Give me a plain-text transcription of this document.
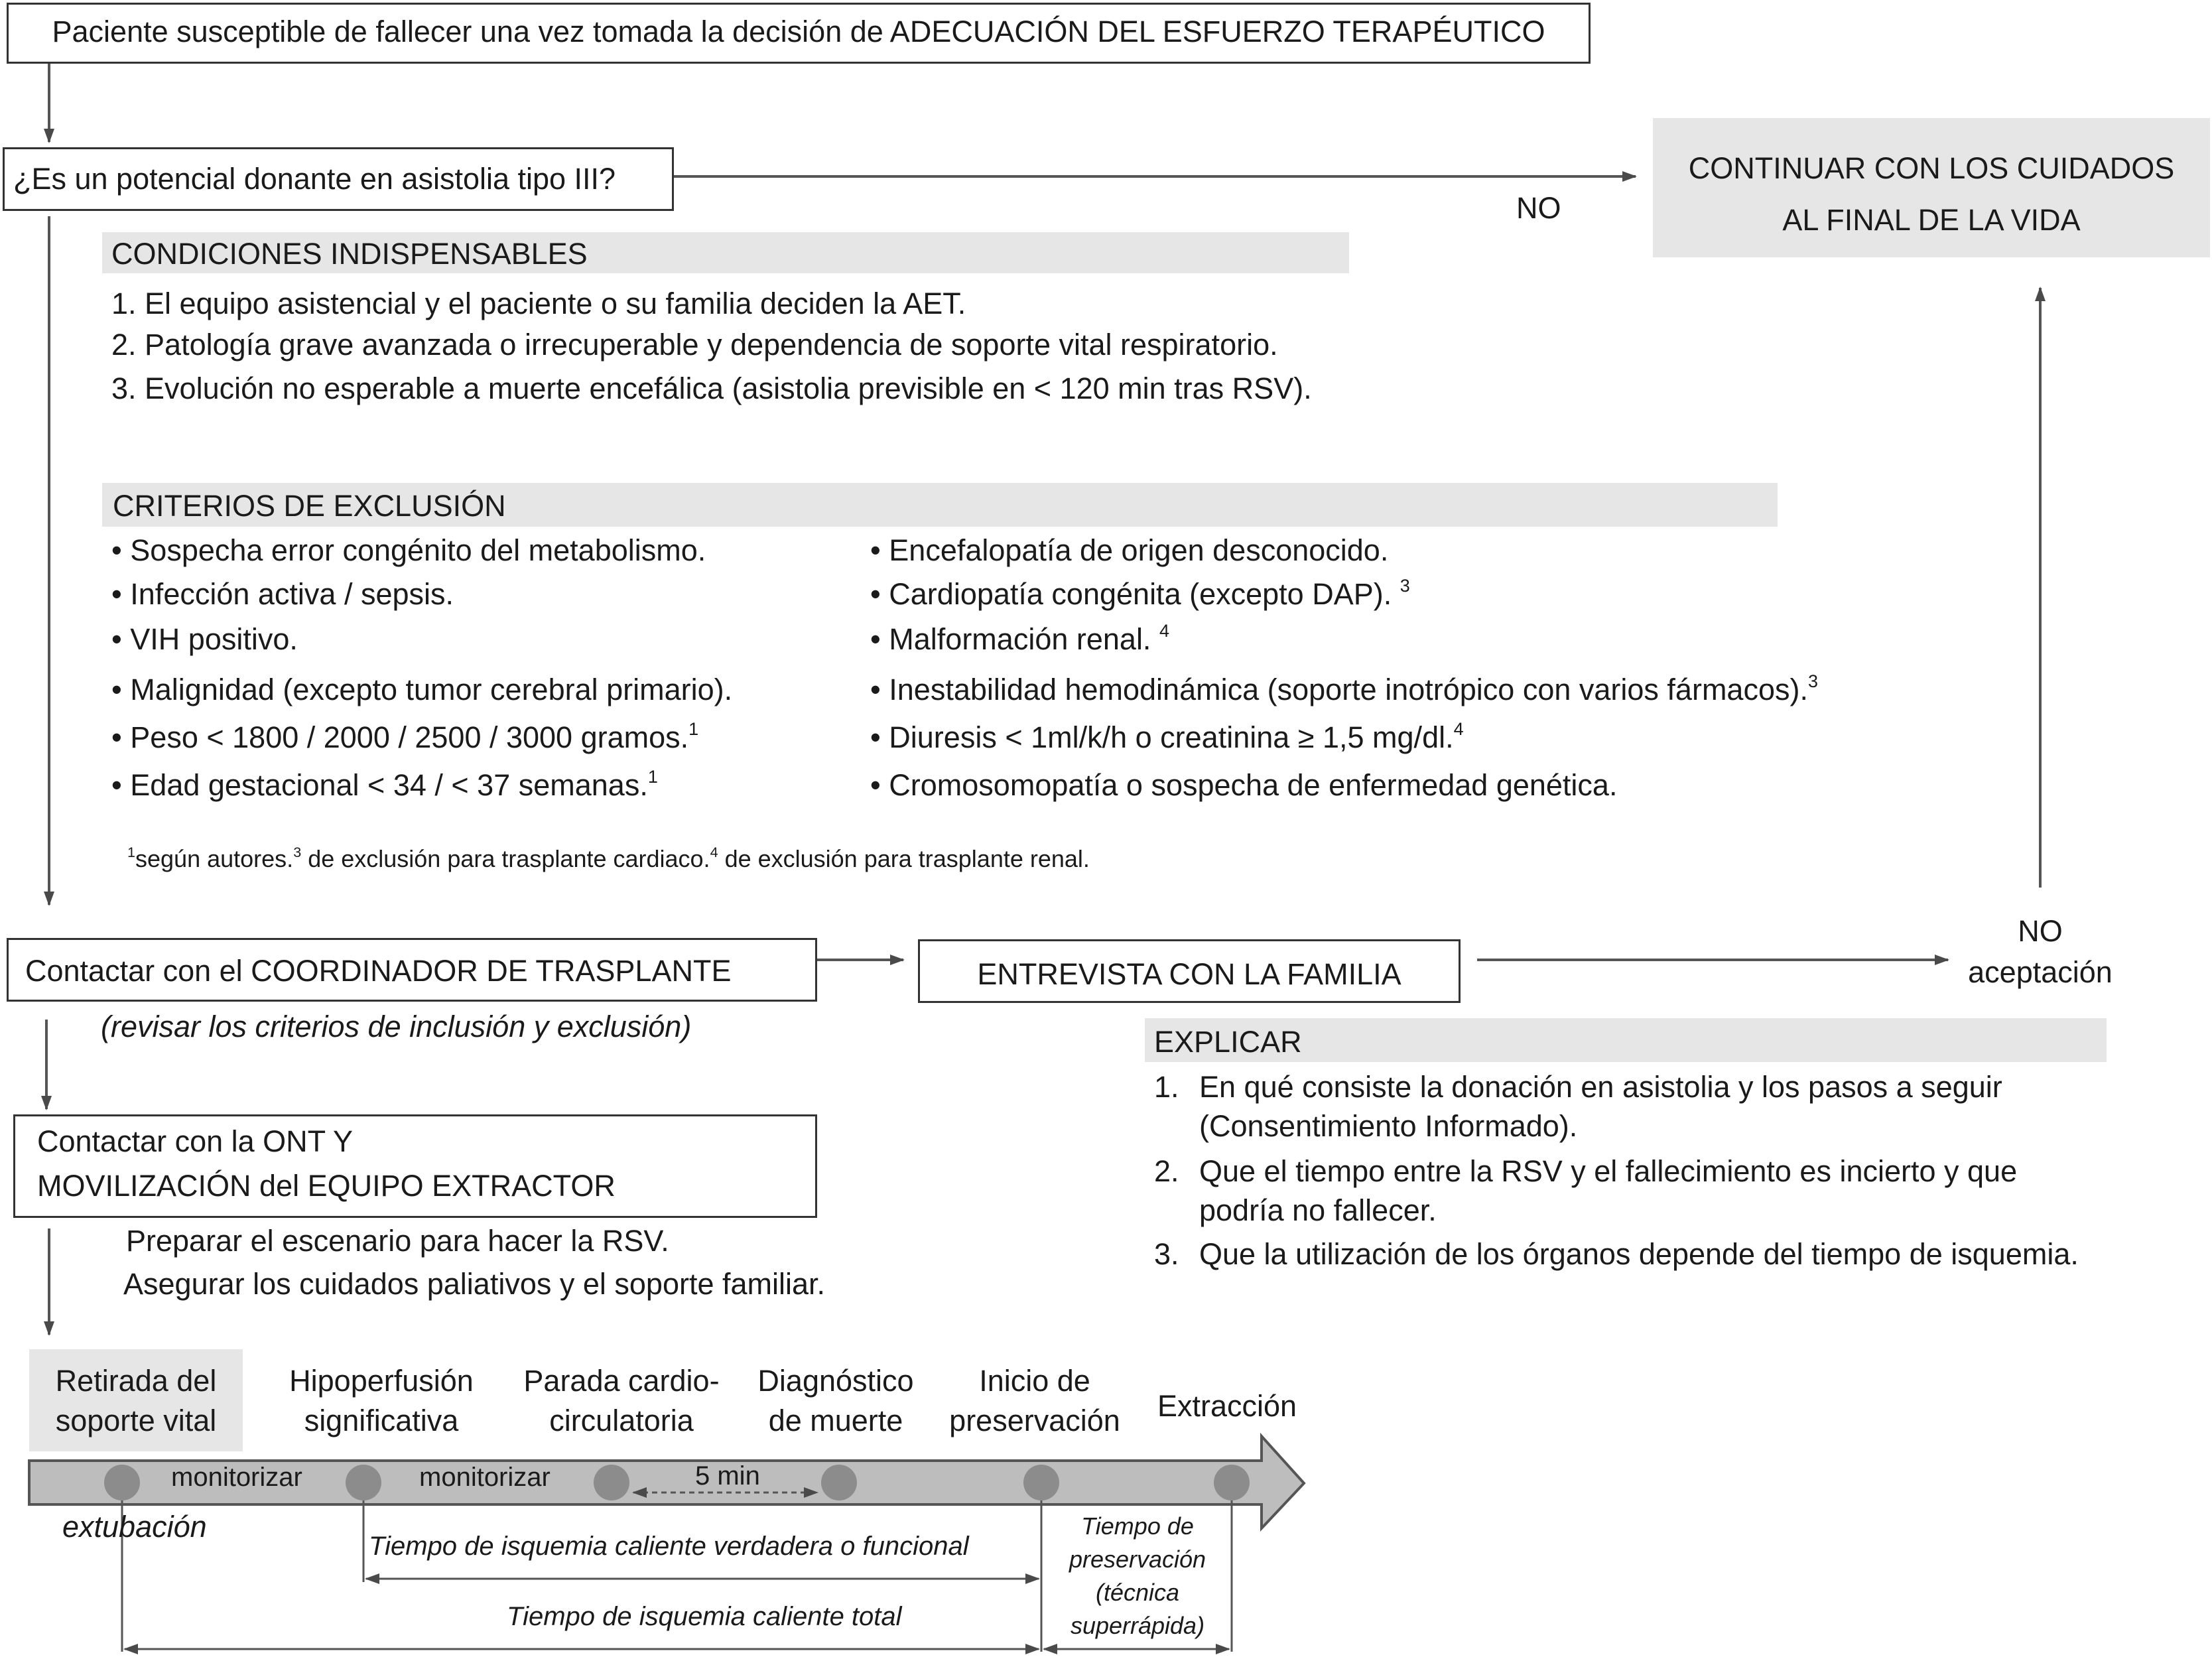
Paciente susceptible de fallecer una vez tomada la decisión de ADECUACIÓN DEL ESFUERZO TERAPÉUTICO
¿Es un potencial donante en asistolia tipo III?
NO
CONTINUAR CON LOS CUIDADOS
AL FINAL DE LA VIDA
CONDICIONES INDISPENSABLES
1. El equipo asistencial y el paciente o su familia deciden la AET.
2. Patología grave avanzada o irrecuperable y dependencia de soporte vital respiratorio.
3. Evolución no esperable a muerte encefálica (asistolia previsible en < 120 min tras RSV).
CRITERIOS DE EXCLUSIÓN
• Sospecha error congénito del metabolismo.
• Infección activa / sepsis.
• VIH positivo.
• Malignidad (excepto tumor cerebral primario).
• Peso < 1800 / 2000 / 2500 / 3000 gramos.$^1$
• Edad gestacional < 34 / < 37 semanas.$^1$
• Encefalopatía de origen desconocido.
• Cardiopatía congénita (excepto DAP). $^3$
• Malformación renal. $^4$
• Inestabilidad hemodinámica (soporte inotrópico con varios fármacos).$^3$
• Diuresis < 1ml/k/h o creatinina ≥ 1,5 mg/dl.$^4$
• Cromosomopatía o sospecha de enfermedad genética.
$^1$según autores.$^3$ de exclusión para trasplante cardiaco.$^4$ de exclusión para trasplante renal.
Contactar con el COORDINADOR DE TRASPLANTE
(revisar los criterios de inclusión y exclusión)
ENTREVISTA CON LA FAMILIA
NO
aceptación
EXPLICAR
1. En qué consiste la donación en asistolia y los pasos a seguir
(Consentimiento Informado).
2. Que el tiempo entre la RSV y el fallecimiento es incierto y que
podría no fallecer.
3. Que la utilización de los órganos depende del tiempo de isquemia.
Contactar con la ONT Y
MOVILIZACIÓN del EQUIPO EXTRACTOR
Preparar el escenario para hacer la RSV.
Asegurar los cuidados paliativos y el soporte familiar.
Retirada del
soporte vital
Hipoperfusión
significativa
Parada cardio-
circulatoria
Diagnóstico
de muerte
Inicio de
preservación	Extracción
monitorizar	monitorizar	5 min
extubación
Tiempo de isquemia caliente verdadera o funcional
Tiempo de isquemia caliente total
Tiempo de
preservación
(técnica
superrápida)
